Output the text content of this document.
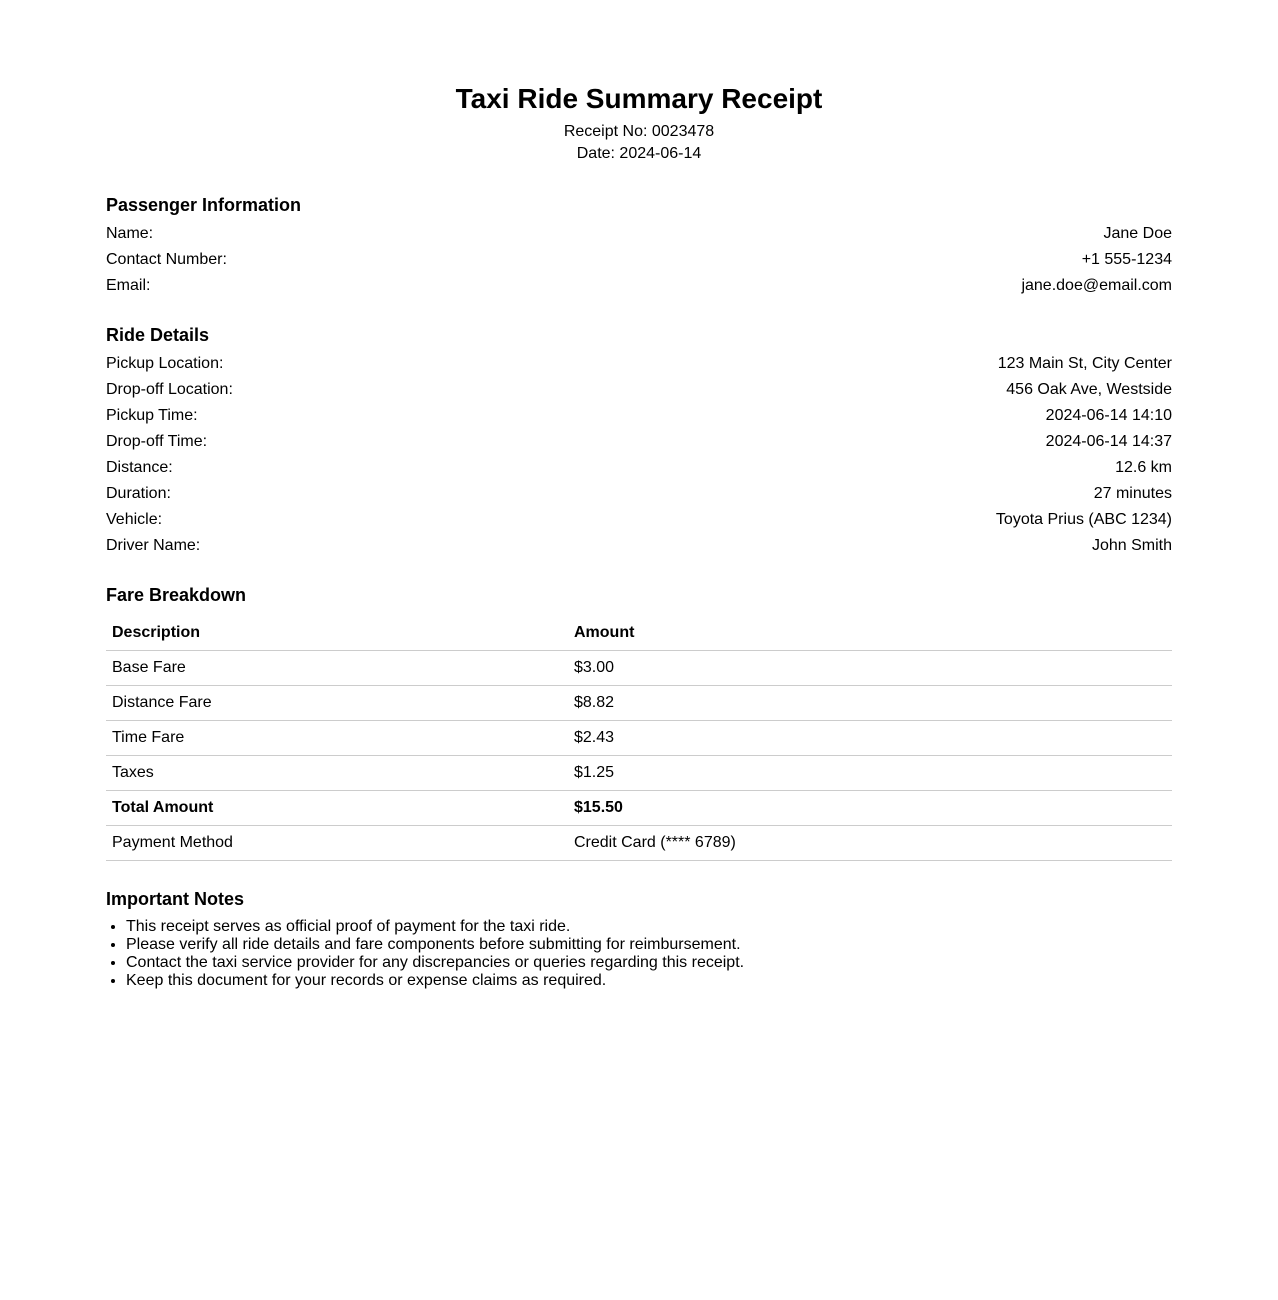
Taxi Ride Summary Receipt
Receipt No: 0023478
Date: 2024-06-14
Passenger Information
Name:	Jane Doe
Contact Number:	+1 555-1234
Email:	jane.doe@email.com
Ride Details
Pickup Location:	123 Main St, City Center
Drop-off Location:	456 Oak Ave, Westside
Pickup Time:	2024-06-14 14:10
Drop-off Time:	2024-06-14 14:37
Distance:	12.6 km
Duration:	27 minutes
Vehicle:	Toyota Prius (ABC 1234)
Driver Name:	John Smith
Fare Breakdown
Description	Amount
Base Fare	$3.00
Distance Fare	$8.82
Time Fare	$2.43
Taxes	$1.25
Total Amount	$15.50
Payment Method	Credit Card (**** 6789)
Important Notes
• This receipt serves as official proof of payment for the taxi ride.
• Please verify all ride details and fare components before submitting for reimbursement.
• Contact the taxi service provider for any discrepancies or queries regarding this receipt.
• Keep this document for your records or expense claims as required.
